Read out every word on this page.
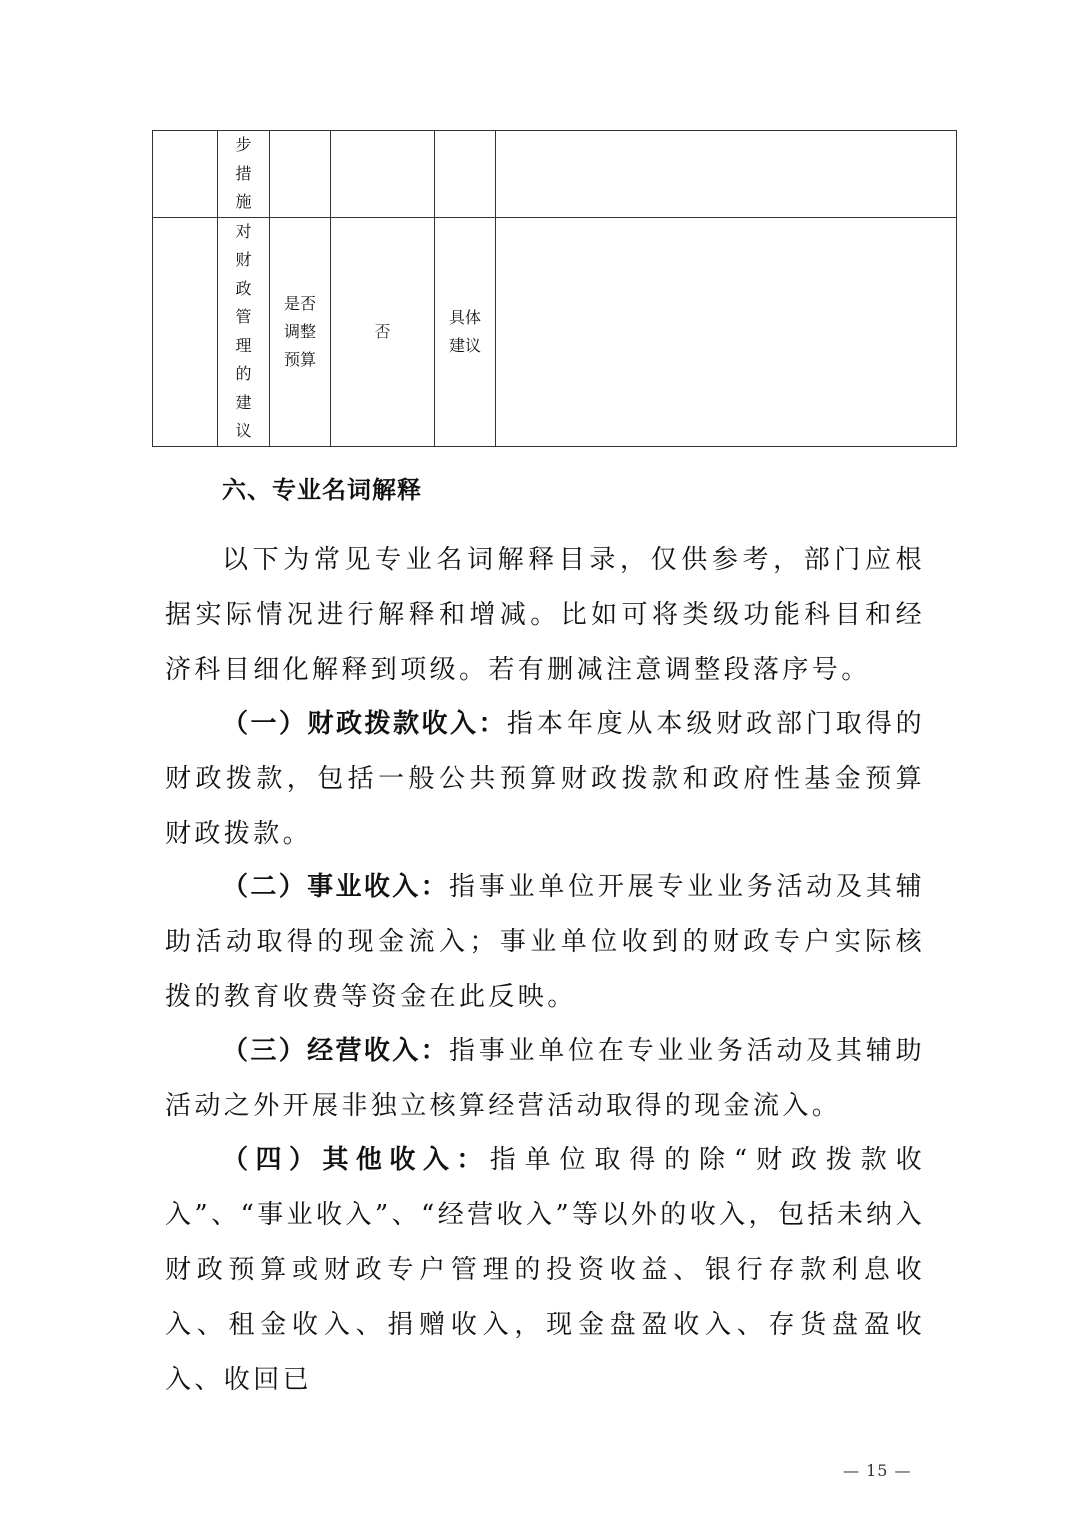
	步措施				

	对财政管理的建议	是否调整预算	否	具体建议	

六、专业名词解释

以下为常见专业名词解释目录，仅供参考，部门应根据实际情况进行解释和增减。比如可将类级功能科目和经济科目细化解释到项级。若有删减注意调整段落序号。

（一）财政拨款收入：指本年度从本级财政部门取得的财政拨款，包括一般公共预算财政拨款和政府性基金预算财政拨款。

（二）事业收入：指事业单位开展专业业务活动及其辅助活动取得的现金流入；事业单位收到的财政专户实际核拨的教育收费等资金在此反映。

（三）经营收入：指事业单位在专业业务活动及其辅助活动之外开展非独立核算经营活动取得的现金流入。

（四）其他收入：指单位取得的除“财政拨款收入”、“事业收入”、“经营收入”等以外的收入，包括未纳入财政预算或财政专户管理的投资收益、银行存款利息收入、租金收入、捐赠收入，现金盘盈收入、存货盘盈收入、收回已

— 15 —
